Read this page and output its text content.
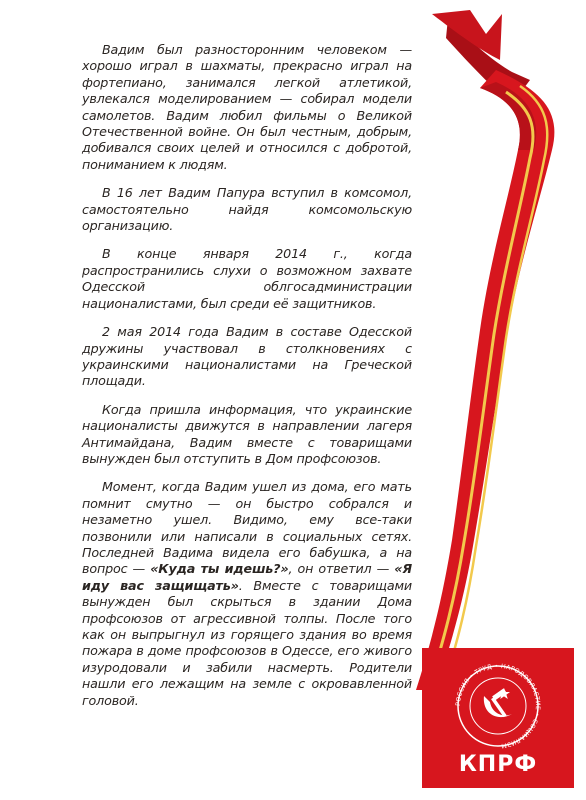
Вадим был разносторонним человеком — хорошо играл в шахматы, прекрасно играл на фортепиано, занимался легкой атлетикой, увлекался моделированием — собирал модели самолетов. Вадим любил фильмы о Великой Отечественной войне. Он был честным, добрым, добивался своих целей и относился с добротой, пониманием к людям.

В 16 лет Вадим Папура вступил в комсомол, самостоятельно найдя комсомольскую организацию.

В конце января 2014 г., когда распространились слухи о возможном захвате Одесской облгосадминистрации националистами, был среди её защитников.

2 мая 2014 года Вадим в составе Одесской дружины участвовал в столкновениях с украинскими националистами на Греческой площади.

Когда пришла информация, что украинские националисты движутся в направлении лагеря Антимайдана, Вадим вместе с товарищами вынужден был отступить в Дом профсоюзов.

Момент, когда Вадим ушел из дома, его мать помнит смутно — он быстро собрался и незаметно ушел. Видимо, ему все-таки позвонили или написали в социальных сетях. Последней Вадима видела его бабушка, а на вопрос — «Куда ты идешь?», он ответил — «Я иду вас защищать». Вместе с товарищами вынужден был скрыться в здании Дома профсоюзов от агрессивной толпы. После того как он выпрыгнул из горящего здания во время пожара в доме профсоюзов в Одессе, его живого изуродовали и забили насмерть. Родители нашли его лежащим на земле с окровавленной головой.	РОССИЯ • ТРУД • НАРОДОВЛАСТИЕ • СОЦИАЛИЗМ
КПРФ
